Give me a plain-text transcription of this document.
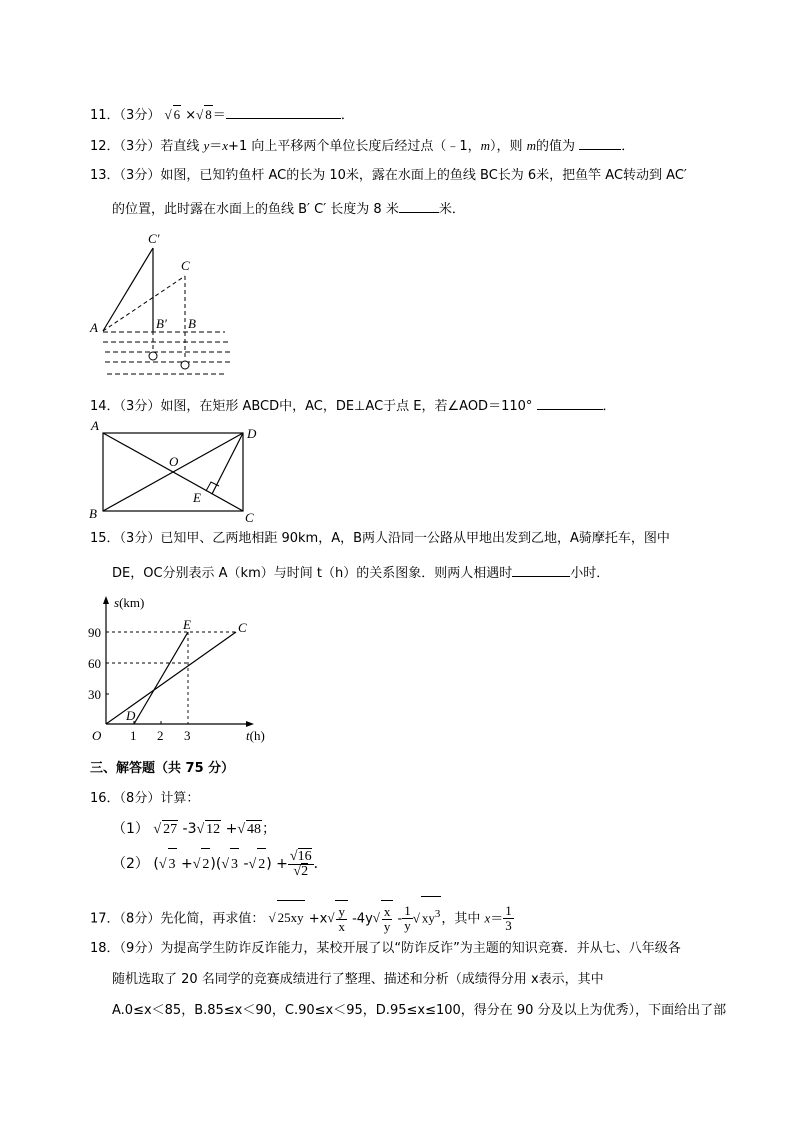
11．（3分） √ 6 ×√ 8＝	．
12．（3分）若直线 y＝x+1 向上平移两个单位长度后经过点（﹣1，m），则 m的值为	．
13．（3分）如图，已知钓鱼杆 AC的长为 10米，露在水面上的鱼线 BC长为 6米，把鱼竿 AC转动到 AC′
的位置，此时露在水面上的鱼线 B′ C′ 长度为 8 米	米．
C′
C
A	B′ B
14．（3分）如图，在矩形 ABCD中，AC，DE⊥AC于点 E，若∠AOD＝110°	．
A
D
O
E
B	C
15．（3分）已知甲、乙两地相距 90km，A，B两人沿同一公路从甲地出发到乙地，A骑摩托车，图中
DE，OC分别表示 A（km）与时间 t（h）的关系图象．则两人相遇时	小时．
s(km)
90
60
30
1 2 3	t(h)
O
D
E	C
三、解答题（共 75 分）
16．（8分）计算：
（1） √ 27 -3√ 12 +√ 48；
（2） (√ 3 +√ 2)(√ 3 -√ $2) + \frac{√16}{√2}$ ．
17．（8分）先化简，再求值： √ $25xy +x√ \frac{y}{x} -4y√ \frac{x}{y} - \frac{1}{y}$ √ $xy^3$，其中 $x= \frac{1}{3}$
18．（9分）为提高学生防诈反诈能力，某校开展了以“防诈反诈”为主题的知识竞赛．并从七、八年级各
随机选取了 20 名同学的竞赛成绩进行了整理、描述和分析（成绩得分用 x表示，其中
A.0≤x＜85，B.85≤x＜90，C.90≤x＜95，D.95≤x≤100，得分在 90 分及以上为优秀），下面给出了部
